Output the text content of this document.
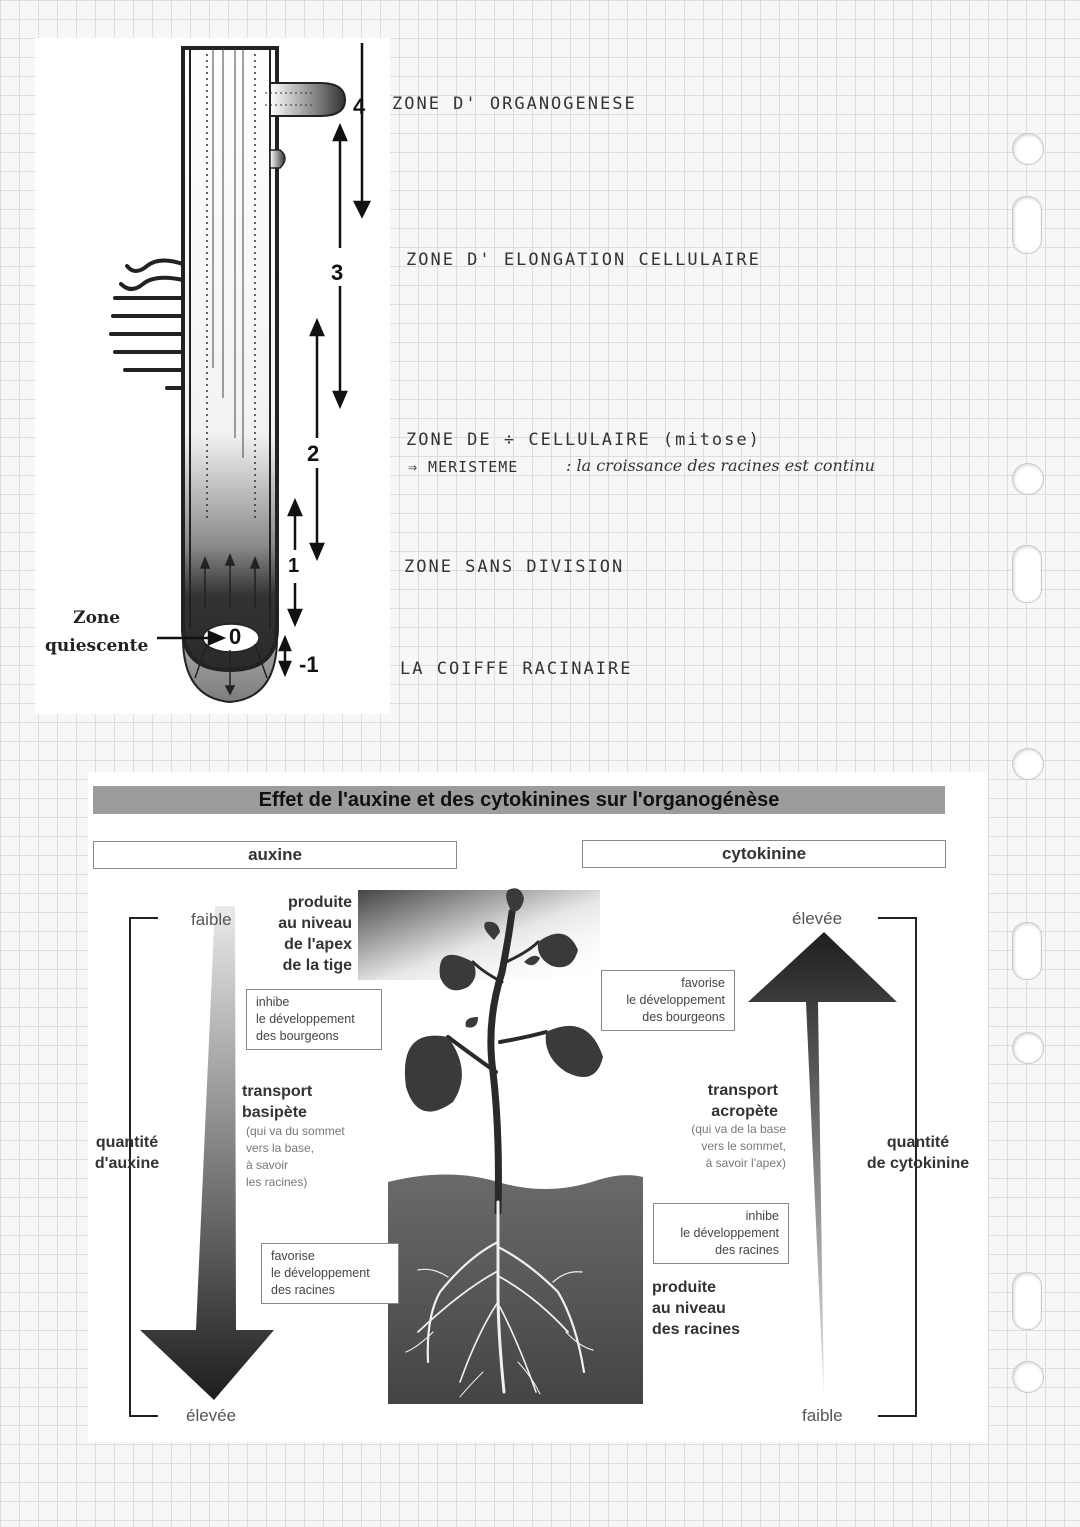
4
3
2
1
0
-1
Zone
quiescente
ZONE D' ORGANOGENESE
ZONE D' ELONGATION CELLULAIRE
ZONE DE ÷ CELLULAIRE (mitose)
⇒ MERISTEME	: la croissance des racines est continu
ZONE SANS DIVISION
LA COIFFE RACINAIRE
Effet de l'auxine et des cytokinines sur l'organogénèse
auxine	cytokinine
faible
élevée
quantité
d'auxine
produite
au niveau
de l'apex
de la tige
inhibe
le développement
des bourgeons
transport
basipète
(qui va du sommet
vers la base,
à savoir
les racines)
favorise
le développement
des racines
élevée
faible
quantité
de cytokinine
favorise
le développement
des bourgeons
transport
acropète
(qui va de la base
vers le sommet,
à savoir l'apex)
inhibe
le développement
des racines
produite
au niveau
des racines
